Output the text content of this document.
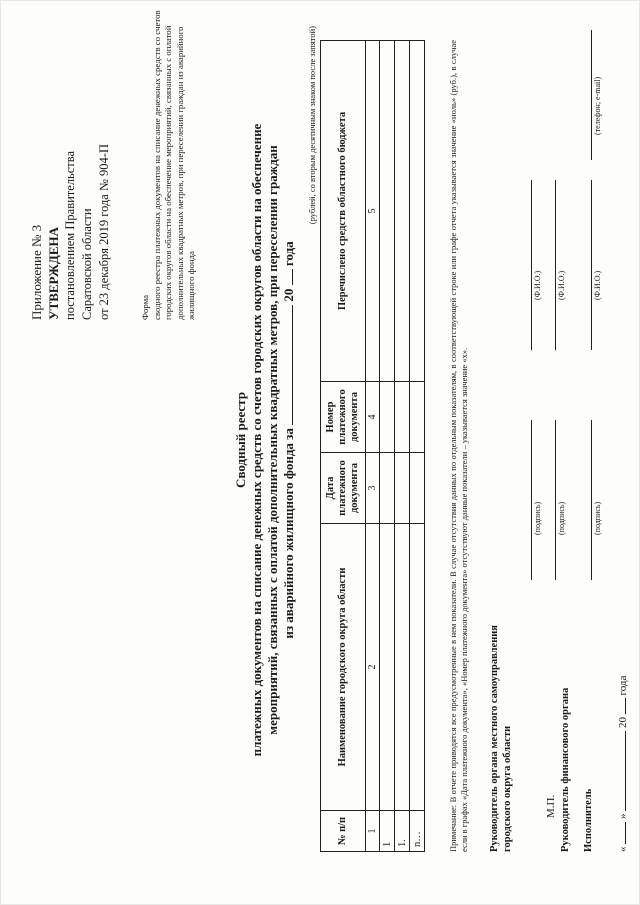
Приложение № 3 УТВЕРЖДЕНА постановлением Правительства Саратовской области от 23 декабря 2019 года № 904-П	Форма сводного реестра платежных документов на списание денежных средств со счетов городских округов области на обеспечение мероприятий, связанных с оплатой дополнительных квадратных метров, при переселении граждан из аварийного жилищного фонда
Сводный реестр платежных документов на списание денежных средств со счетов городских округов области на обеспечение мероприятий, связанных с оплатой дополнительных квадратных метров, при переселении граждан из аварийного жилищного фонда за  20  года
(рублей, со вторым десятичным знаком после запятой)
№ п/п	Наименование городского округа области	Дата платежного документа	Номер платежного документа	Перечислено средств областного бюджета
1	2	3	4	5
1				
1.				
n…					Примечание: В отчете приводятся все предусмотренные в нем показатели. В случае отсутствия данных по отдельным показателям, в соответствующей строке или графе отчета указывается значение «ноль» (руб.), в случае если в графах «Дата платежного документа», «Номер платежного документа» отсутствуют данные показатели – указывается значение «х». Руководитель органа местного самоуправления городского округа области
(подпись)
(Ф.И.О.)
М.П. Руководитель финансового органа
(подпись)
(Ф.И.О.)
Исполнитель
(подпись)
(Ф.И.О.)
(телефон; e-mail)
«  »  20  года
